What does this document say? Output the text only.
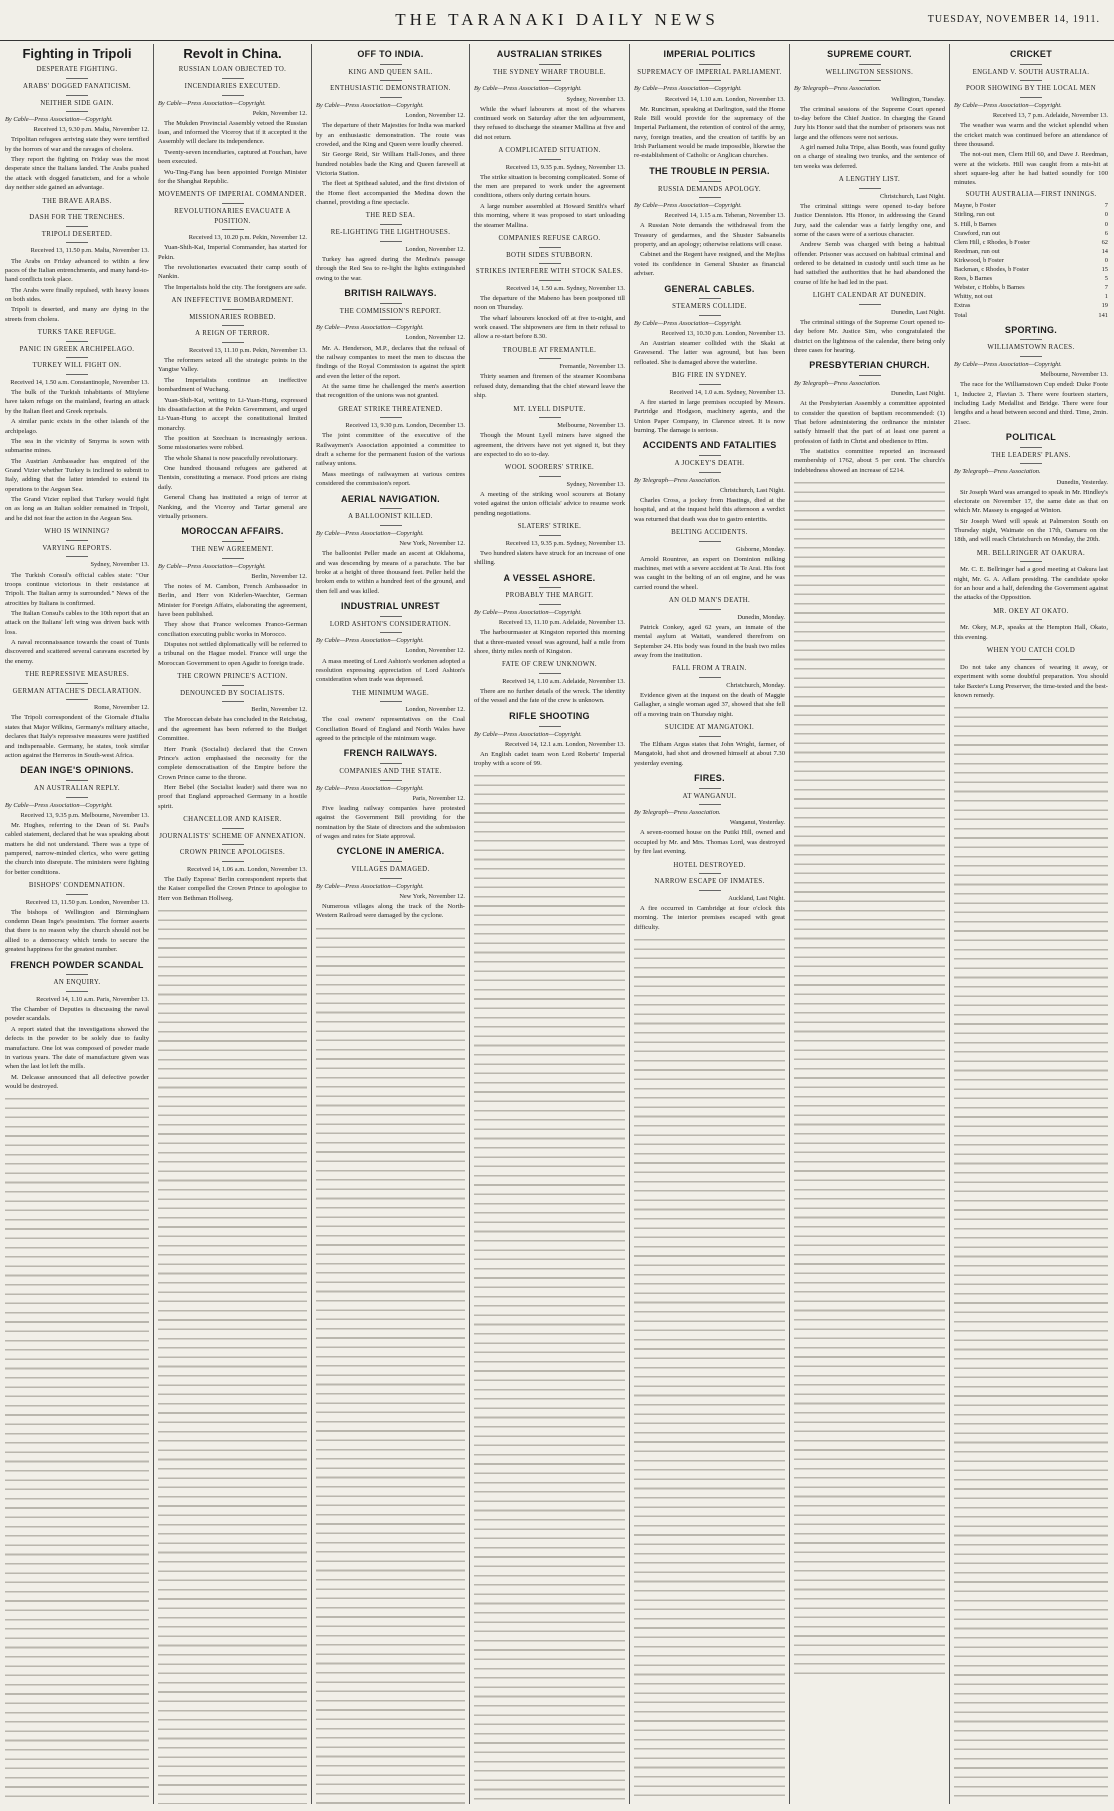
THE TARANAKI DAILY NEWS	TUESDAY, NOVEMBER 14, 1911.
Fighting in Tripoli
DESPERATE FIGHTING.
ARABS' DOGGED FANATICISM.
NEITHER SIDE GAIN.
By Cable—Press Association—Copyright.
Received 13, 9.30 p.m. Malta, November 12.

Tripolitan refugees arriving state they were terrified by the horrors of war and the ravages of cholera.

They report the fighting on Friday was the most desperate since the Italians landed. The Arabs pushed the attack with dogged fanaticism, and for a whole day neither side gained an advantage.

THE BRAVE ARABS.
DASH FOR THE TRENCHES.
TRIPOLI DESERTED.
Received 13, 11.50 p.m. Malta, November 13.

The Arabs on Friday advanced to within a few paces of the Italian entrenchments, and many hand-to-hand conflicts took place.

The Arabs were finally repulsed, with heavy losses on both sides.

Tripoli is deserted, and many are dying in the streets from cholera.

TURKS TAKE REFUGE.
PANIC IN GREEK ARCHIPELAGO.
TURKEY WILL FIGHT ON.
Received 14, 1.50 a.m. Constantinople, November 13.

The bulk of the Turkish inhabitants of Mitylene have taken refuge on the mainland, fearing an attack by the Italian fleet and Greek reprisals.

A similar panic exists in the other islands of the archipelago.

The sea in the vicinity of Smyrna is sown with submarine mines.

The Austrian Ambassador has enquired of the Grand Vizier whether Turkey is inclined to submit to Italy, adding that the latter intended to extend its operations to the Aegean Sea.

The Grand Vizier replied that Turkey would fight on as long as an Italian soldier remained in Tripoli, and he did not fear the action in the Aegean Sea.

WHO IS WINNING?
VARYING REPORTS.
Sydney, November 13.

The Turkish Consul's official cables state: "Our troops continue victorious in their resistance at Tripoli. The Italian army is surrounded." News of the atrocities by Italians is confirmed.

The Italian Consul's cables to the 10th report that an attack on the Italians' left wing was driven back with loss.

A naval reconnaissance towards the coast of Tunis discovered and scattered several caravans escorted by the enemy.

THE REPRESSIVE MEASURES.
GERMAN ATTACHE'S DECLARATION.
Rome, November 12.

The Tripoli correspondent of the Giornale d'Italia states that Major Wilkins, Germany's military attache, declares that Italy's repressive measures were justified and indispensable. Germany, he states, took similar action against the Herreros in South-west Africa.

DEAN INGE'S OPINIONS.
AN AUSTRALIAN REPLY.
By Cable—Press Association—Copyright.
Received 13, 9.35 p.m. Melbourne, November 13.

Mr. Hughes, referring to the Dean of St. Paul's cabled statement, declared that he was speaking about matters he did not understand. There was a type of pampered, narrow-minded clerics, who were getting the church into disrepute. The ministers were fighting for better conditions.

BISHOPS' CONDEMNATION.
Received 13, 11.50 p.m. London, November 13.

The bishops of Wellington and Birmingham condemn Dean Inge's pessimism. The former asserts that there is no reason why the church should not be allied to a democracy which tends to secure the greatest happiness for the greatest number.

FRENCH POWDER SCANDAL
AN ENQUIRY.
Received 14, 1.10 a.m. Paris, November 13.

The Chamber of Deputies is discussing the naval powder scandals.

A report stated that the investigations showed the defects in the powder to be solely due to faulty manufacture. One lot was composed of powder made in various years. The date of manufacture given was when the last lot left the mills.

M. Delcasse announced that all defective powder would be destroyed.

Revolt in China.
RUSSIAN LOAN OBJECTED TO.
INCENDIARIES EXECUTED.
By Cable—Press Association—Copyright.
Pekin, November 12.

The Mukden Provincial Assembly vetoed the Russian loan, and informed the Viceroy that if it accepted it the Assembly will declare its independence.

Twenty-seven incendiaries, captured at Fouchan, have been executed.

Wu-Ting-Fang has been appointed Foreign Minister for the Shanghai Republic.

MOVEMENTS OF IMPERIAL COMMANDER.
REVOLUTIONARIES EVACUATE A POSITION.
Received 13, 10.20 p.m. Pekin, November 12.

Yuan-Shih-Kai, Imperial Commander, has started for Pekin.

The revolutionaries evacuated their camp south of Nankin.

The Imperialists hold the city. The foreigners are safe.

AN INEFFECTIVE BOMBARDMENT.
MISSIONARIES ROBBED.
A REIGN OF TERROR.
Received 13, 11.10 p.m. Pekin, November 13.

The reformers seized all the strategic points in the Yangtse Valley.

The Imperialists continue an ineffective bombardment of Wuchang.

Yuan-Shih-Kai, writing to Li-Yuan-Hung, expressed his dissatisfaction at the Pekin Government, and urged Li-Yuan-Hung to accept the constitutional limited monarchy.

The position at Szechuan is increasingly serious. Some missionaries were robbed.

The whole Shansi is now peacefully revolutionary.

One hundred thousand refugees are gathered at Tientsin, constituting a menace. Food prices are rising daily.

General Chang has instituted a reign of terror at Nanking, and the Viceroy and Tartar general are virtually prisoners.

MOROCCAN AFFAIRS.
THE NEW AGREEMENT.
By Cable—Press Association—Copyright.
Berlin, November 12.

The notes of M. Cambon, French Ambassador in Berlin, and Herr von Kiderlen-Waechter, German Minister for Foreign Affairs, elaborating the agreement, have been published.

They show that France welcomes Franco-German conciliation executing public works in Morocco.

Disputes not settled diplomatically will be referred to a tribunal on the Hague model. France will urge the Moroccan Government to open Agadir to foreign trade.

THE CROWN PRINCE'S ACTION.
DENOUNCED BY SOCIALISTS.
Berlin, November 12.

The Moroccan debate has concluded in the Reichstag, and the agreement has been referred to the Budget Committee.

Herr Frank (Socialist) declared that the Crown Prince's action emphasised the necessity for the complete democratisation of the Empire before the Crown Prince came to the throne.

Herr Bebel (the Socialist leader) said there was no proof that England approached Germany in a hostile spirit.

CHANCELLOR AND KAISER.
JOURNALISTS' SCHEME OF ANNEXATION.
CROWN PRINCE APOLOGISES.
Received 14, 1.06 a.m. London, November 13.

The Daily Express' Berlin correspondent reports that the Kaiser compelled the Crown Prince to apologise to Herr von Bethman Hollweg.

OFF TO INDIA.
KING AND QUEEN SAIL.
ENTHUSIASTIC DEMONSTRATION.
By Cable—Press Association—Copyright.
London, November 12.

The departure of their Majesties for India was marked by an enthusiastic demonstration. The route was crowded, and the King and Queen were loudly cheered.

Sir George Reid, Sir William Hall-Jones, and three hundred notables bade the King and Queen farewell at Victoria Station.

The fleet at Spithead saluted, and the first division of the Home fleet accompanied the Medina down the channel, providing a fine spectacle.

THE RED SEA.
RE-LIGHTING THE LIGHTHOUSES.
London, November 12.

Turkey has agreed during the Medina's passage through the Red Sea to re-light the lights extinguished owing to the war.

BRITISH RAILWAYS.
THE COMMISSION'S REPORT.
By Cable—Press Association—Copyright.
London, November 12.

Mr. A. Henderson, M.P., declares that the refusal of the railway companies to meet the men to discuss the findings of the Royal Commission is against the spirit and even the letter of the report.

At the same time he challenged the men's assertion that recognition of the unions was not granted.

GREAT STRIKE THREATENED.
Received 13, 9.30 p.m. London, December 13.

The joint committee of the executive of the Railwaymen's Association appointed a committee to draft a scheme for the permanent fusion of the various railway unions.

Mass meetings of railwaymen at various centres considered the commission's report.

AERIAL NAVIGATION.
A BALLOONIST KILLED.
By Cable—Press Association—Copyright.
New York, November 12.

The balloonist Peller made an ascent at Oklahoma, and was descending by means of a parachute. The bar broke at a height of three thousand feet. Peller held the broken ends to within a hundred feet of the ground, and then fell and was killed.

INDUSTRIAL UNREST
LORD ASHTON'S CONSIDERATION.
By Cable—Press Association—Copyright.
London, November 12.

A mass meeting of Lord Ashton's workmen adopted a resolution expressing appreciation of Lord Ashton's consideration when trade was depressed.

THE MINIMUM WAGE.
London, November 12.

The coal owners' representatives on the Coal Conciliation Board of England and North Wales have agreed to the principle of the minimum wage.

FRENCH RAILWAYS.
COMPANIES AND THE STATE.
By Cable—Press Association—Copyright.
Paris, November 12.

Five leading railway companies have protested against the Government Bill providing for the nomination by the State of directors and the submission of wages and rates for State approval.

CYCLONE IN AMERICA.
VILLAGES DAMAGED.
By Cable—Press Association—Copyright.
New York, November 12.

Numerous villages along the track of the North-Western Railroad were damaged by the cyclone.

AUSTRALIAN STRIKES
THE SYDNEY WHARF TROUBLE.
By Cable—Press Association—Copyright.
Sydney, November 13.

While the wharf labourers at most of the wharves continued work on Saturday after the ten adjournment, they refused to discharge the steamer Mallina at five and did not return.

A COMPLICATED SITUATION.
Received 13, 9.35 p.m. Sydney, November 13.

The strike situation is becoming complicated. Some of the men are prepared to work under the agreement conditions, others only during certain hours.

A large number assembled at Howard Smith's wharf this morning, where it was proposed to start unloading the steamer Mallina.

COMPANIES REFUSE CARGO.
BOTH SIDES STUBBORN.
STRIKES INTERFERE WITH STOCK SALES.
Received 14, 1.50 a.m. Sydney, November 13.

The departure of the Mabeno has been postponed till noon on Thursday.

The wharf labourers knocked off at five to-night, and work ceased. The shipowners are firm in their refusal to allow a re-start before 8.30.

TROUBLE AT FREMANTLE.
Fremantle, November 13.

Thirty seamen and firemen of the steamer Koombana refused duty, demanding that the chief steward leave the ship.

MT. LYELL DISPUTE.
Melbourne, November 13.

Though the Mount Lyell miners have signed the agreement, the drivers have not yet signed it, but they are expected to do so to-day.

WOOL SOORERS' STRIKE.
Sydney, November 13.

A meeting of the striking wool scourers at Botany voted against the union officials' advice to resume work pending negotiations.

SLATERS' STRIKE.
Received 13, 9.35 p.m. Sydney, November 13.

Two hundred slaters have struck for an increase of one shilling.

A VESSEL ASHORE.
PROBABLY THE MARGIT.
By Cable—Press Association—Copyright.
Received 13, 11.10 p.m. Adelaide, November 13.

The harbourmaster at Kingston reported this morning that a three-masted vessel was aground, half a mile from shore, thirty miles north of Kingston.

FATE OF CREW UNKNOWN.
Received 14, 1.10 a.m. Adelaide, November 13.

There are no further details of the wreck. The identity of the vessel and the fate of the crew is unknown.

RIFLE SHOOTING
By Cable—Press Association—Copyright.
Received 14, 12.1 a.m. London, November 13.

An English cadet team won Lord Roberts' Imperial trophy with a score of 99.

IMPERIAL POLITICS
SUPREMACY OF IMPERIAL PARLIAMENT.
By Cable—Press Association—Copyright.
Received 14, 1.10 a.m. London, November 13.

Mr. Runciman, speaking at Darlington, said the Home Rule Bill would provide for the supremacy of the Imperial Parliament, the retention of control of the army, navy, foreign treaties, and the creation of tariffs by an Irish Parliament would be made impossible, likewise the re-establishment of Catholic or Anglican churches.

THE TROUBLE IN PERSIA.
RUSSIA DEMANDS APOLOGY.
By Cable—Press Association—Copyright.
Received 14, 1.15 a.m. Teheran, November 13.

A Russian Note demands the withdrawal from the Treasury of gendarmes, and the Shuster Sabsanelis property, and an apology; otherwise relations will cease.

Cabinet and the Regent have resigned, and the Mejliss voted its confidence in General Shuster as financial adviser.

GENERAL CABLES.
STEAMERS COLLIDE.
By Cable—Press Association—Copyright.
Received 13, 10.30 p.m. London, November 13.

An Austrian steamer collided with the Skaki at Gravesend. The latter was aground, but has been refloated. She is damaged above the waterline.

BIG FIRE IN SYDNEY.
Received 14, 1.0 a.m. Sydney, November 13.

A fire started in large premises occupied by Messrs. Partridge and Hodgson, machinery agents, and the Union Paper Company, in Clarence street. It is now burning. The damage is serious.

ACCIDENTS AND FATALITIES
A JOCKEY'S DEATH.
By Telegraph—Press Association.
Christchurch, Last Night.

Charles Cross, a jockey from Hastings, died at the hospital, and at the inquest held this afternoon a verdict was returned that death was due to gastro enteritis.

BELTING ACCIDENTS.
Gisborne, Monday.

Arnold Rountree, an expert on Dominion milking machines, met with a severe accident at Te Arai. His foot was caught in the belting of an oil engine, and he was carried round the wheel.

AN OLD MAN'S DEATH.
Dunedin, Monday.

Patrick Conkey, aged 62 years, an inmate of the mental asylum at Waitati, wandered therefrom on September 24. His body was found in the bush two miles away from the institution.

FALL FROM A TRAIN.
Christchurch, Monday.

Evidence given at the inquest on the death of Maggie Gallagher, a single woman aged 37, showed that she fell off a moving train on Thursday night.

SUICIDE AT MANGATOKI.

The Eltham Argus states that John Wright, farmer, of Mangatoki, had shot and drowned himself at about 7.30 yesterday evening.

FIRES.
AT WANGANUI.
By Telegraph—Press Association.
Wanganui, Yesterday.

A seven-roomed house on the Putiki Hill, owned and occupied by Mr. and Mrs. Thomas Lord, was destroyed by fire last evening.

HOTEL DESTROYED.
NARROW ESCAPE OF INMATES.
Auckland, Last Night.

A fire occurred in Cambridge at four o'clock this morning. The interior premises escaped with great difficulty.

SUPREME COURT.
WELLINGTON SESSIONS.
By Telegraph—Press Association.
Wellington, Tuesday.

The criminal sessions of the Supreme Court opened to-day before the Chief Justice. In charging the Grand Jury his Honor said that the number of prisoners was not large and the offences were not serious.

A girl named Julia Tripe, alias Booth, was found guilty on a charge of stealing two trunks, and the sentence of ten weeks was deferred.

A LENGTHY LIST.
Christchurch, Last Night.

The criminal sittings were opened to-day before Justice Denniston. His Honor, in addressing the Grand Jury, said the calendar was a fairly lengthy one, and some of the cases were of a serious character.

Andrew Semb was charged with being a habitual offender. Prisoner was accused on habitual criminal and ordered to be detained in custody until such time as he had satisfied the authorities that he had abandoned the course of life he had led in the past.

LIGHT CALENDAR AT DUNEDIN.
Dunedin, Last Night.

The criminal sittings of the Supreme Court opened to-day before Mr. Justice Sim, who congratulated the district on the lightness of the calendar, there being only three cases for hearing.

PRESBYTERIAN CHURCH.
By Telegraph—Press Association.
Dunedin, Last Night.

At the Presbyterian Assembly a committee appointed to consider the question of baptism recommended: (1) That before administering the ordinance the minister satisfy himself that the part of at least one parent a profession of faith in Christ and obedience to Him.

The statistics committee reported an increased membership of 1762, about 5 per cent. The church's indebtedness showed an increase of £214.

CRICKET
ENGLAND V. SOUTH AUSTRALIA.
POOR SHOWING BY THE LOCAL MEN
By Cable—Press Association—Copyright.
Received 13, 7 p.m. Adelaide, November 13.

The weather was warm and the wicket splendid when the cricket match was continued before an attendance of three thousand.

The not-out men, Clem Hill 60, and Dave J. Reedman, were at the wickets. Hill was caught from a mis-hit at short square-leg after he had batted soundly for 100 minutes.

SOUTH AUSTRALIA—FIRST INNINGS.
Mayne, b Foster	7
Stirling, run out	0
S. Hill, b Barnes	0
Crawford, run out	6
Clem Hill, c Rhodes, b Foster	62
Reedman, run out	14
Kirkwood, b Foster	0
Backman, c Rhodes, b Foster	15
Rees, b Barnes	5
Webster, c Hobbs, b Barnes	7
Whitty, not out	1
Extras	19
Total	141
SPORTING.
WILLIAMSTOWN RACES.
By Cable—Press Association—Copyright.
Melbourne, November 13.

The race for the Williamstown Cup ended: Duke Foote 1, Inductee 2, Flavian 3. There were fourteen starters, including Lady Medallist and Bridge. There were four lengths and a head between second and third. Time, 2min. 21sec.

POLITICAL
THE LEADERS' PLANS.
By Telegraph—Press Association.
Dunedin, Yesterday.

Sir Joseph Ward was arranged to speak in Mr. Hindley's electorate on November 17, the same date as that on which Mr. Massey is engaged at Winton.

Sir Joseph Ward will speak at Palmerston South on Thursday night, Waimate on the 17th, Oamaru on the 18th, and will reach Christchurch on Monday, the 20th.

MR. BELLRINGER AT OAKURA.

Mr. C. E. Bellringer had a good meeting at Oakura last night, Mr. G. A. Adlam presiding. The candidate spoke for an hour and a half, defending the Government against the attacks of the Opposition.

MR. OKEY AT OKATO.

Mr. Okey, M.P., speaks at the Hempton Hall, Okato, this evening.

WHEN YOU CATCH COLD

Do not take any chances of wearing it away, or experiment with some doubtful preparation. You should take Baxter's Lung Preserver, the time-tested and the best-known remedy.
